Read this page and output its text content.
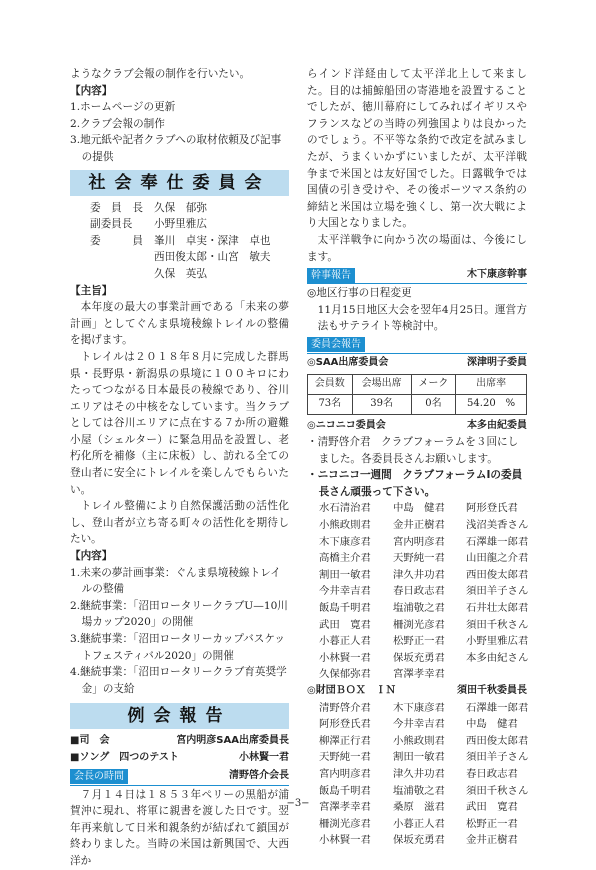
ようなクラブ会報の制作を行いたい。

【内容】

1.ホームページの更新

2.クラブ会報の制作

3.地元紙や記者クラブへの取材依頼及び記事の提供

社会奉仕委員会
委　員　長	久保　郁弥
副委員長	小野里雅広
委　　　員	峯川　卓実・深津　卓也
西田俊太郎・山宮　敏夫
久保　英弘

【主旨】

本年度の最大の事業計画である「未来の夢計画」としてぐんま県境稜線トレイルの整備を掲げます。

トレイルは２０１８年８月に完成した群馬県・長野県・新潟県の県境に１００キロにわたってつながる日本最長の稜線であり、谷川エリアはその中核をなしています。当クラブとしては谷川エリアに点在する７か所の避難小屋（シェルター）に緊急用品を設置し、老朽化所を補修（主に床板）し、訪れる全ての登山者に安全にトレイルを楽しんでもらいたい。

トレイル整備により自然保護活動の活性化し、登山者が立ち寄る町々の活性化を期待したい。

【内容】

1.未来の夢計画事業：ぐんま県境稜線トレイルの整備

2.継続事業：「沼田ロータリークラブU—10川場カップ2020」の開催

3.継続事業：「沼田ロータリーカップバスケットフェスティバル2020」の開催

4.継続事業：「沼田ロータリークラブ育英奨学金」の支給

例会報告
■司　会	宮内明彦SAA出席委員長
■ソング　四つのテスト	小林賢一君
会長の時間	清野啓介会長

７月１４日は１８５３年ペリーの黒船が浦賀沖に現れ、将軍に親書を渡した日です。翌年再来航して日米和親条約が結ばれて鎖国が終わりました。当時の米国は新興国で、大西洋か

らインド洋経由して太平洋北上して来ました。目的は捕鯨船団の寄港地を設置することでしたが、徳川幕府にしてみればイギリスやフランスなどの当時の列強国よりは良かったのでしょう。不平等な条約で改定を試みましたが、うまくいかずにいましたが、太平洋戦争まで米国とは友好国でした。日露戦争では国債の引き受けや、その後ポーツマス条約の締結と米国は立場を強くし、第一次大戦により大国となりました。

太平洋戦争に向かう次の場面は、今後にします。

幹事報告	木下康彦幹事

◎地区行事の日程変更

11月15日地区大会を翌年4月25日。運営方法もサテライト等検討中。

委員会報告
◎SAA出席委員会	深津明子委員
会員数	会場出席	メーク	出席率
73名	39名	0名	54.20　%
◎ニコニコ委員会	本多由紀委員

・清野啓介君　クラブフォーラムを３回にしました。各委員長さんお願いします。

・ニコニコ一週間　クラブフォーラムⅠの委員長さん頑張って下さい。

水石清治君	中島　健君	阿形登氏君
小熊政則君	金井正樹君	浅沼美香さん
木下康彦君	宮内明彦君	石澤雄一郎君
高橋主介君	天野純一君	山田龍之介君
割田一敏君	津久井功君	西田俊太郎君
今井幸吉君	春日政志君	須田羊子さん
飯島千明君	塩浦敬之君	石井壮太郎君
武田　寛君	柵渕光彦君	須田千秋さん
小暮正人君	松野正一君	小野里雅広君
小林賢一君	保坂充勇君	本多由紀さん
久保郁弥君	宮澤孝幸君
◎財団ＢＯＸ　ＩＮ	須田千秋委員長
清野啓介君	木下康彦君	石澤雄一郎君
阿形登氏君	今井幸吉君	中島　健君
柳澤正行君	小熊政則君	西田俊太郎君
天野純一君	割田一敏君	須田羊子さん
宮内明彦君	津久井功君	春日政志君
飯島千明君	塩浦敬之君	須田千秋さん
宮澤孝幸君	桑原　滋君	武田　寛君
柵渕光彦君	小暮正人君	松野正一君
小林賢一君	保坂充勇君	金井正樹君
−3−
